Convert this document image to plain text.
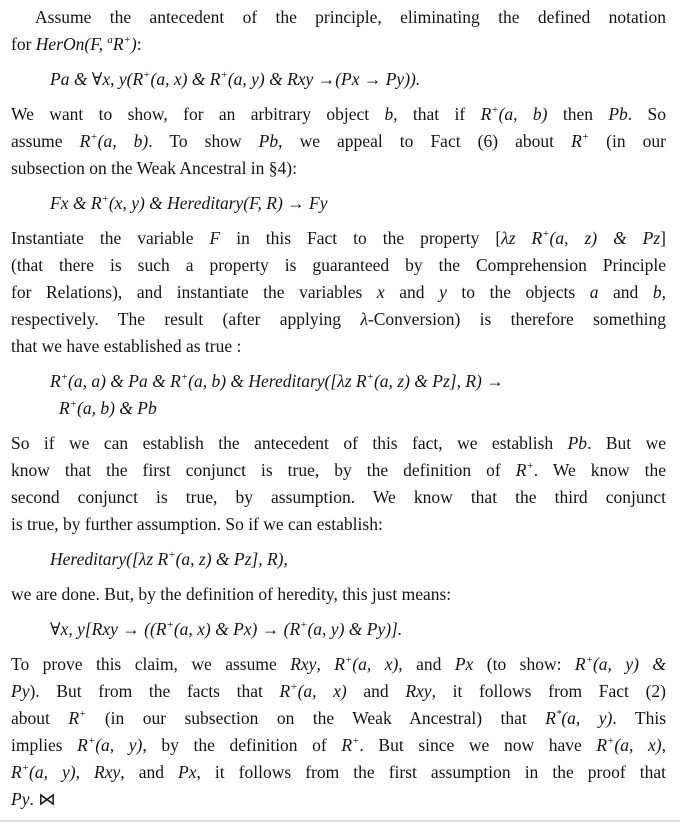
Assume the antecedent of the principle, eliminating the defined notation
for HerOn(F, $^a$R+):
Pa & ∀x, y(R+(a, x) & R+(a, y) & Rxy →(Px → Py)).
We want to show, for an arbitrary object b, that if R+(a, b) then Pb. So
assume R+(a, b). To show Pb, we appeal to Fact (6) about R+ (in our
subsection on the Weak Ancestral in §4):
Fx & R+(x, y) & Hereditary(F, R) → Fy
Instantiate the variable F in this Fact to the property [λz R+(a, z) & Pz]
(that there is such a property is guaranteed by the Comprehension Principle
for Relations), and instantiate the variables x and y to the objects a and b,
respectively. The result (after applying λ-Conversion) is therefore something
that we have established as true :
R+(a, a) & Pa & R+(a, b) & Hereditary([λz R+(a, z) & Pz], R) →
R+(a, b) & Pb
So if we can establish the antecedent of this fact, we establish Pb. But we
know that the first conjunct is true, by the definition of R+. We know the
second conjunct is true, by assumption. We know that the third conjunct
is true, by further assumption. So if we can establish:
Hereditary([λz R+(a, z) & Pz], R),
we are done. But, by the definition of heredity, this just means:
∀x, y[Rxy → ((R+(a, x) & Px) → (R+(a, y) & Py)].
To prove this claim, we assume Rxy, R+(a, x), and Px (to show: R+(a, y) &
Py). But from the facts that R+(a, x) and Rxy, it follows from Fact (2)
about R+ (in our subsection on the Weak Ancestral) that R*(a, y). This
implies R+(a, y), by the definition of R+. But since we now have R+(a, x),
R+(a, y), Rxy, and Px, it follows from the first assumption in the proof that
Py. ⋈
